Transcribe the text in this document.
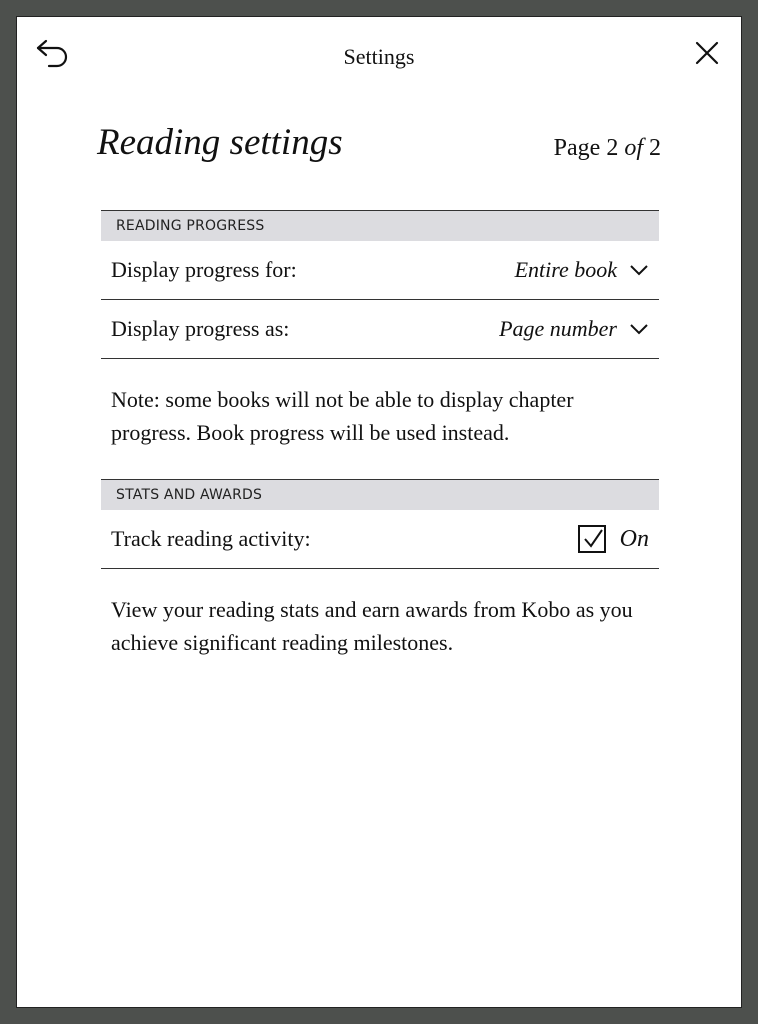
Settings
Reading settings	Page 2 of 2
READING PROGRESS
Display progress for:	Entire book
Display progress as:	Page number
Note: some books will not be able to display chapter progress. Book progress will be used instead.
STATS AND AWARDS
Track reading activity:	On
View your reading stats and earn awards from Kobo as you achieve significant reading milestones.
